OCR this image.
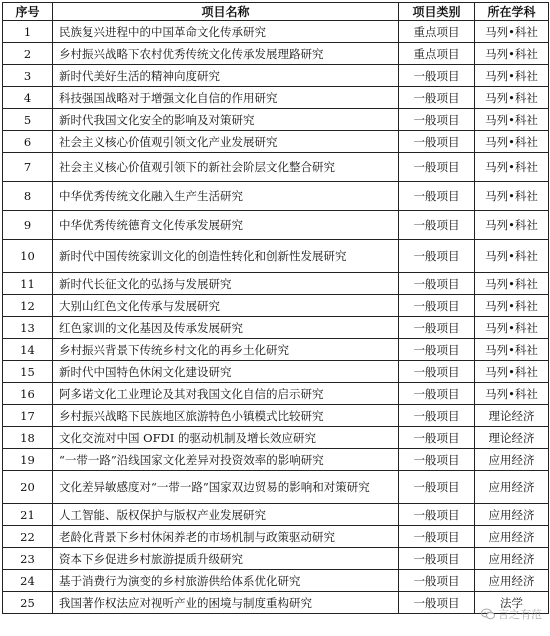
序号	项目名称	项目类别	所在学科
1	民族复兴进程中的中国革命文化传承研究	重点项目	马列•科社
2	乡村振兴战略下农村优秀传统文化传承发展理路研究	重点项目	马列•科社
3	新时代美好生活的精神向度研究	一般项目	马列•科社
4	科技强国战略对于增强文化自信的作用研究	一般项目	马列•科社
5	新时代我国文化安全的影响及对策研究	一般项目	马列•科社
6	社会主义核心价值观引领文化产业发展研究	一般项目	马列•科社
7	社会主义核心价值观引领下的新社会阶层文化整合研究	一般项目	马列•科社
8	中华优秀传统文化融入生产生活研究	一般项目	马列•科社
9	中华优秀传统德育文化传承发展研究	一般项目	马列•科社
10	新时代中国传统家训文化的创造性转化和创新性发展研究	一般项目	马列•科社
11	新时代长征文化的弘扬与发展研究	一般项目	马列•科社
12	大别山红色文化传承与发展研究	一般项目	马列•科社
13	红色家训的文化基因及传承发展研究	一般项目	马列•科社
14	乡村振兴背景下传统乡村文化的再乡土化研究	一般项目	马列•科社
15	新时代中国特色休闲文化建设研究	一般项目	马列•科社
16	阿多诺文化工业理论及其对我国文化自信的启示研究	一般项目	马列•科社
17	乡村振兴战略下民族地区旅游特色小镇模式比较研究	一般项目	理论经济
18	文化交流对中国 OFDI 的驱动机制及增长效应研究	一般项目	理论经济
19	“一带一路”沿线国家文化差异对投资效率的影响研究	一般项目	应用经济
20	文化差异敏感度对“一带一路”国家双边贸易的影响和对策研究	一般项目	应用经济
21	人工智能、版权保护与版权产业发展研究	一般项目	应用经济
22	老龄化背景下乡村休闲养老的市场机制与政策驱动研究	一般项目	应用经济
23	资本下乡促进乡村旅游提质升级研究	一般项目	应用经济
24	基于消费行为演变的乡村旅游供给体系优化研究	一般项目	应用经济
25	我国著作权法应对视听产业的困境与制度重构研究	一般项目	法学
言之有范
